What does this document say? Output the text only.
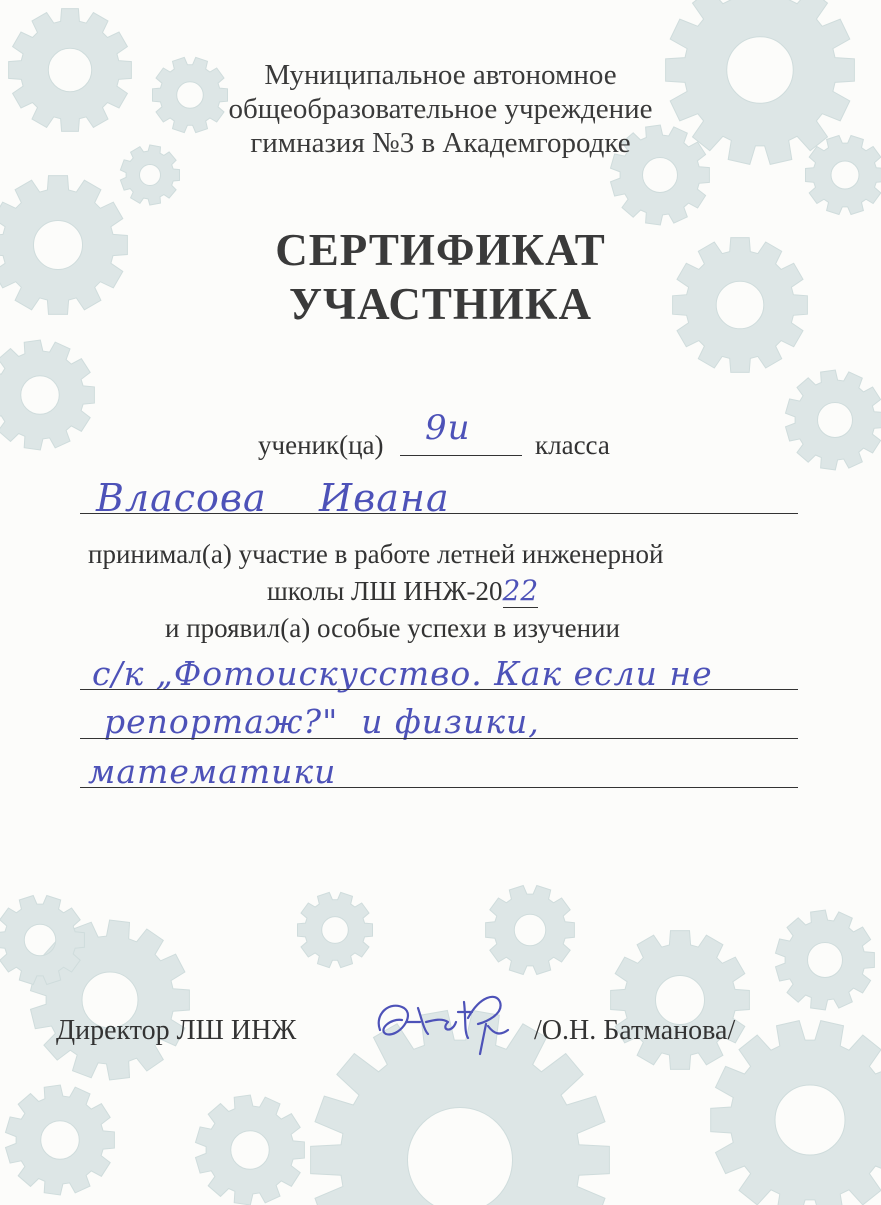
Муниципальное автономное
общеобразовательное учреждение
гимназия №3 в Академгородке
СЕРТИФИКАТ
УЧАСТНИКА
ученик(ца) 9и класса
Власова    Ивана
принимал(а) участие в работе летней инженерной
школы ЛШ ИНЖ-2022
и проявил(а) особые успехи в изучении
с/к „Фотоискусство. Как если не
репортаж?"  и физики,
математики
Директор ЛШ ИНЖ	/О.Н. Батманова/
